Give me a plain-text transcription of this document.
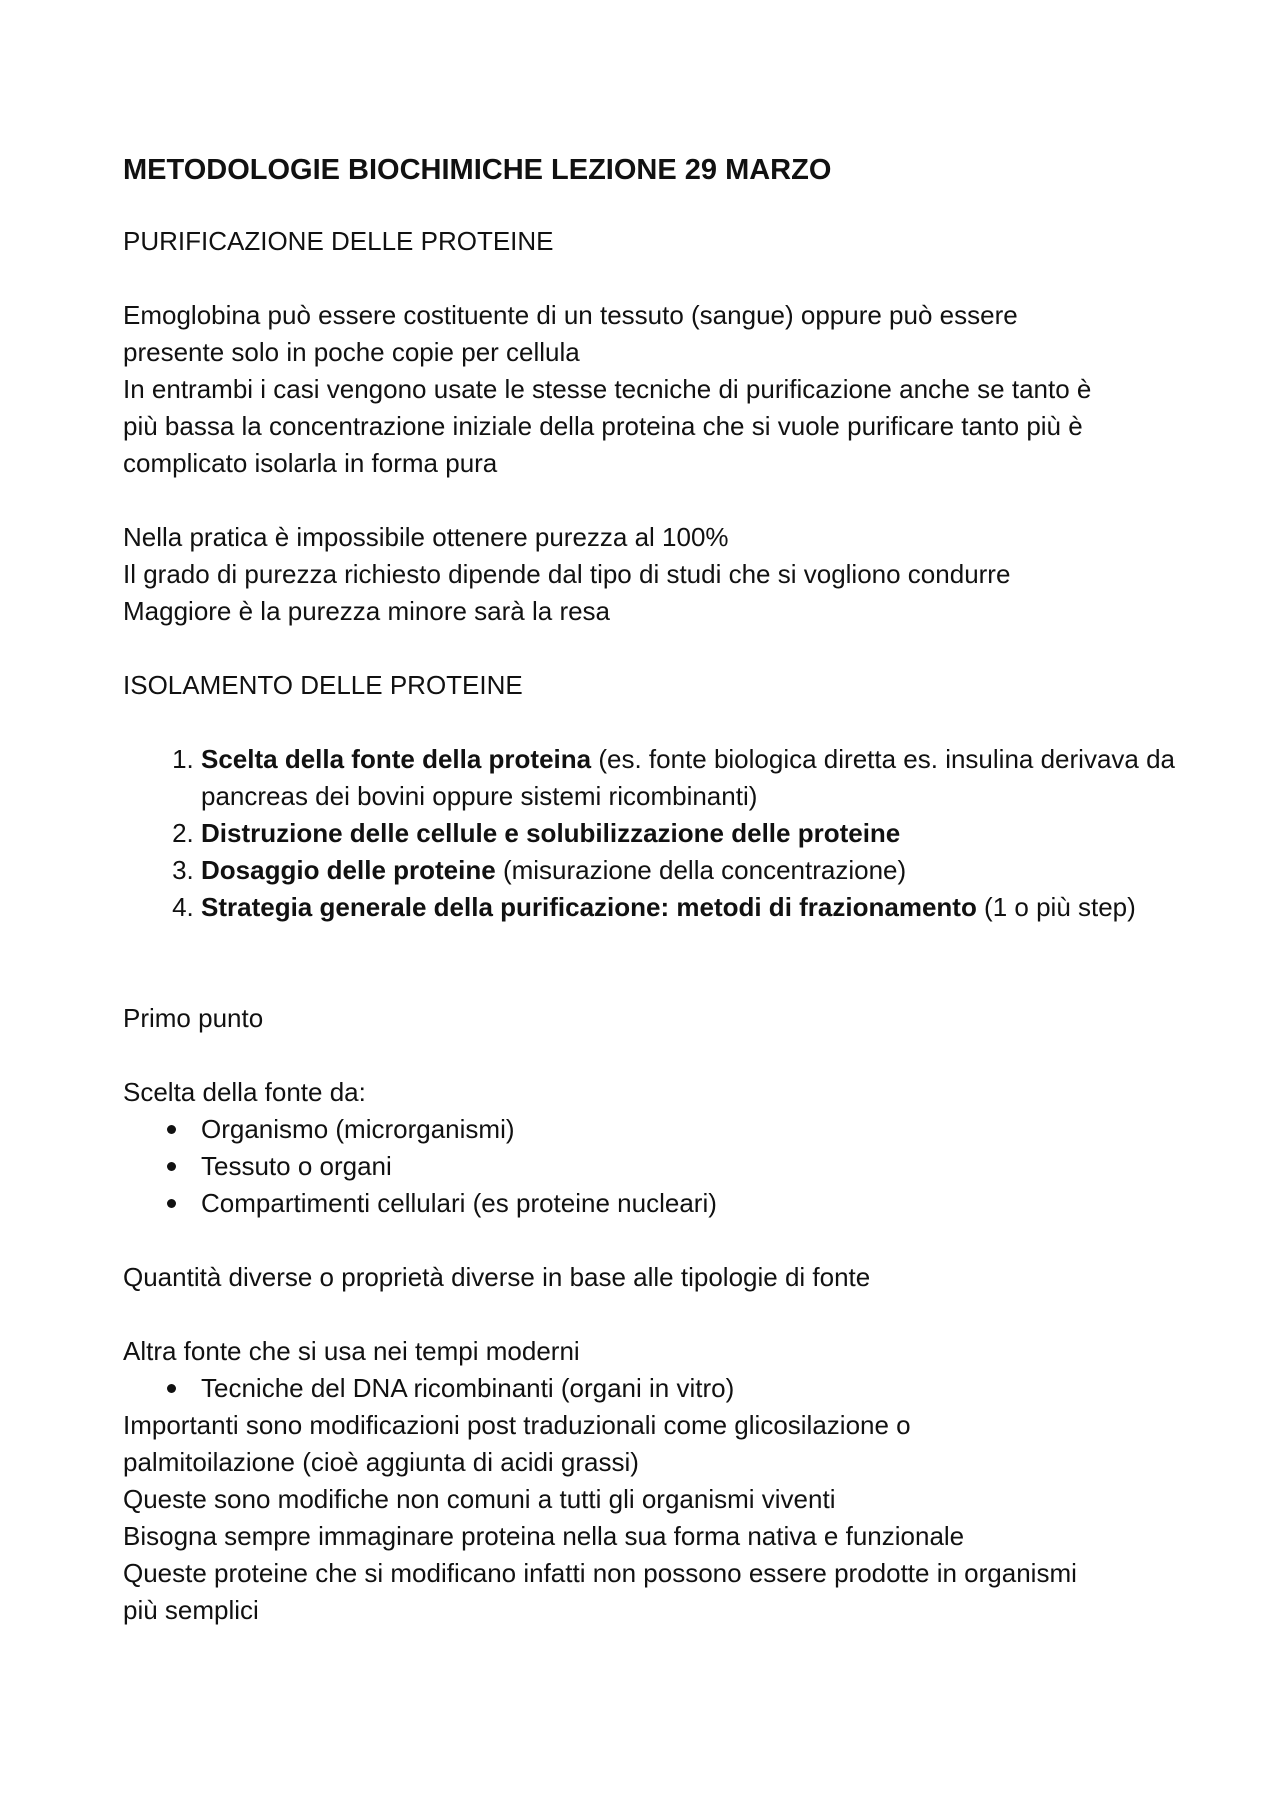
METODOLOGIE BIOCHIMICHE LEZIONE 29 MARZO
PURIFICAZIONE DELLE PROTEINE
Emoglobina può essere costituente di un tessuto (sangue) oppure può essere
presente solo in poche copie per cellula
In entrambi i casi vengono usate le stesse tecniche di purificazione anche se tanto è
più bassa la concentrazione iniziale della proteina che si vuole purificare tanto più è
complicato isolarla in forma pura
Nella pratica è impossibile ottenere purezza al 100%
Il grado di purezza richiesto dipende dal tipo di studi che si vogliono condurre
Maggiore è la purezza minore sarà la resa
ISOLAMENTO DELLE PROTEINE
1. Scelta della fonte della proteina (es. fonte biologica diretta es. insulina derivava da pancreas dei bovini oppure sistemi ricombinanti)
2. Distruzione delle cellule e solubilizzazione delle proteine
3. Dosaggio delle proteine (misurazione della concentrazione)
4. Strategia generale della purificazione: metodi di frazionamento (1 o più step)
Primo punto
Scelta della fonte da:
Organismo (microrganismi)
Tessuto o organi
Compartimenti cellulari (es proteine nucleari)
Quantità diverse o proprietà diverse in base alle tipologie di fonte
Altra fonte che si usa nei tempi moderni
Tecniche del DNA ricombinanti (organi in vitro)
Importanti sono modificazioni post traduzionali come glicosilazione o
palmitoilazione (cioè aggiunta di acidi grassi)
Queste sono modifiche non comuni a tutti gli organismi viventi
Bisogna sempre immaginare proteina nella sua forma nativa e funzionale
Queste proteine che si modificano infatti non possono essere prodotte in organismi
più semplici
